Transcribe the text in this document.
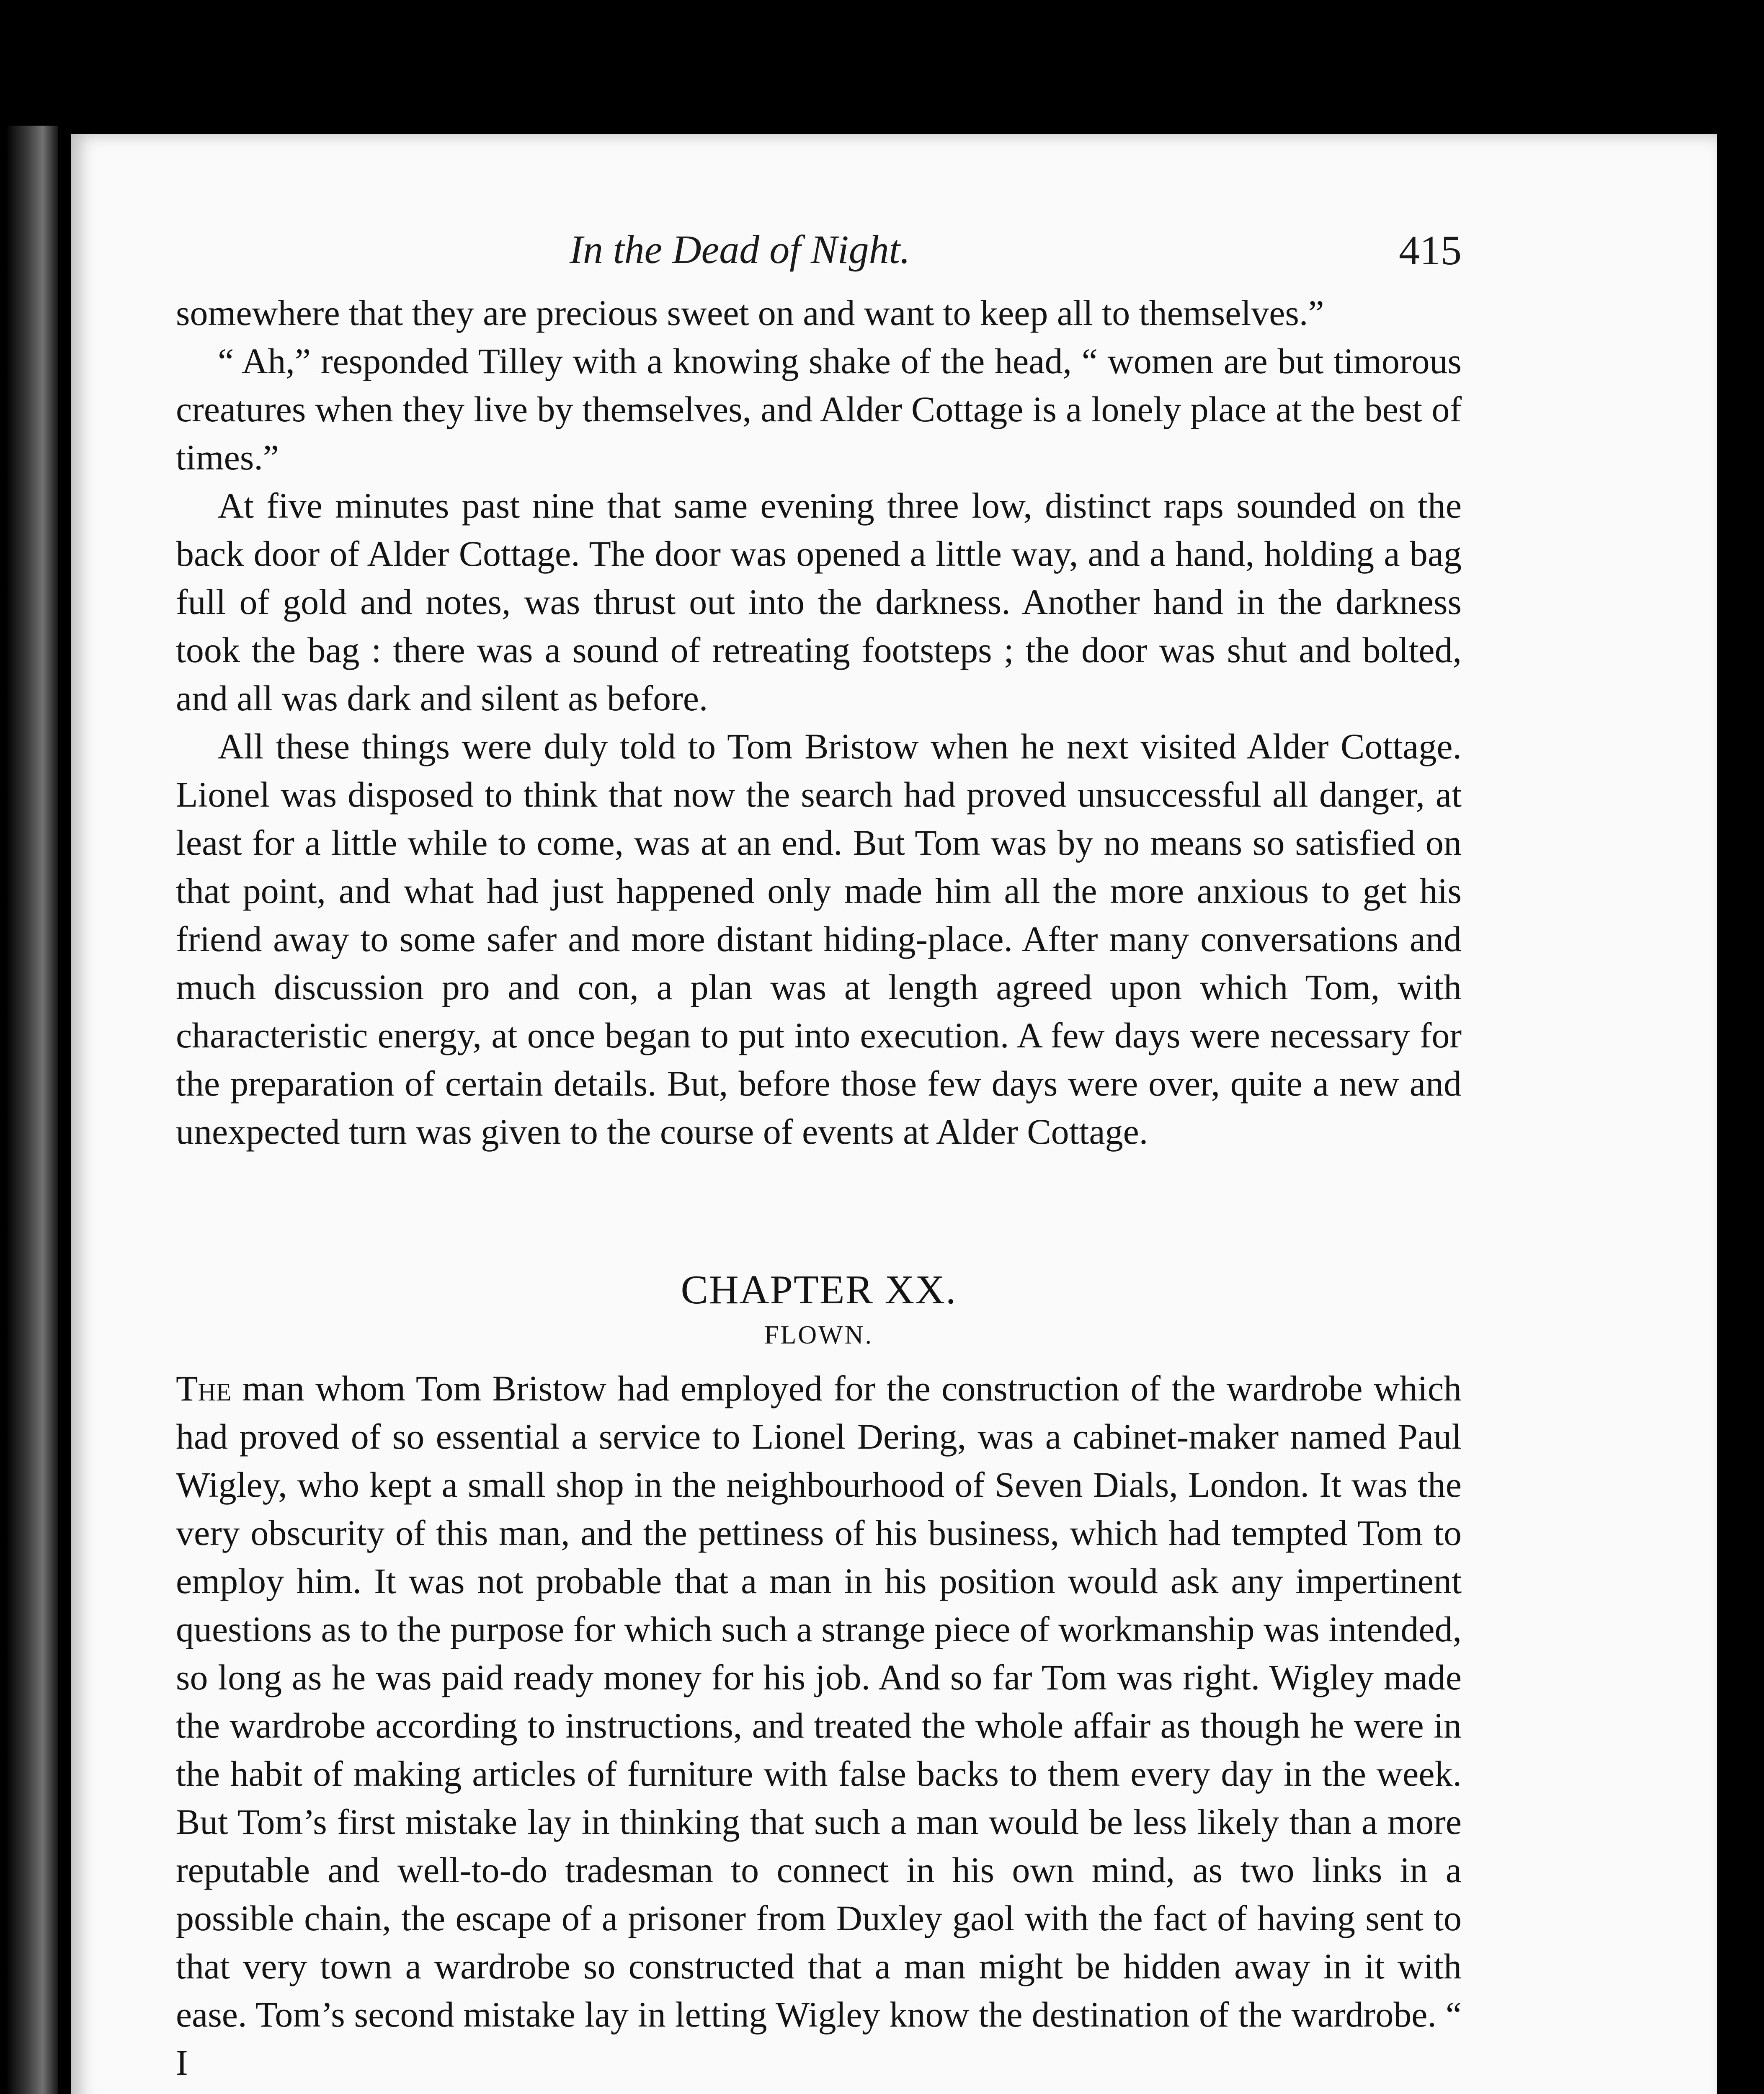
In the Dead of Night.	415

somewhere that they are precious sweet on and want to keep all to themselves.”

“ Ah,” responded Tilley with a knowing shake of the head, “ women are but timorous creatures when they live by themselves, and Alder Cottage is a lonely place at the best of times.”

At five minutes past nine that same evening three low, distinct raps sounded on the back door of Alder Cottage. The door was opened a little way, and a hand, holding a bag full of gold and notes, was thrust out into the darkness. Another hand in the darkness took the bag : there was a sound of retreating footsteps ; the door was shut and bolted, and all was dark and silent as before.

All these things were duly told to Tom Bristow when he next visited Alder Cottage. Lionel was disposed to think that now the search had proved unsuccessful all danger, at least for a little while to come, was at an end. But Tom was by no means so satisfied on that point, and what had just happened only made him all the more anxious to get his friend away to some safer and more distant hiding-place. After many conversations and much discussion pro and con, a plan was at length agreed upon which Tom, with characteristic energy, at once began to put into execution. A few days were necessary for the preparation of certain details. But, before those few days were over, quite a new and unexpected turn was given to the course of events at Alder Cottage.

CHAPTER XX.
FLOWN.

The man whom Tom Bristow had employed for the construction of the wardrobe which had proved of so essential a service to Lionel Dering, was a cabinet-maker named Paul Wigley, who kept a small shop in the neighbourhood of Seven Dials, London. It was the very obscurity of this man, and the pettiness of his business, which had tempted Tom to employ him. It was not probable that a man in his position would ask any impertinent questions as to the purpose for which such a strange piece of workmanship was intended, so long as he was paid ready money for his job. And so far Tom was right. Wigley made the wardrobe according to instructions, and treated the whole affair as though he were in the habit of making articles of furniture with false backs to them every day in the week. But Tom’s first mistake lay in thinking that such a man would be less likely than a more reputable and well-to-do tradesman to connect in his own mind, as two links in a possible chain, the escape of a prisoner from Duxley gaol with the fact of having sent to that very town a wardrobe so constructed that a man might be hidden away in it with ease. Tom’s second mistake lay in letting Wigley know the destination of the wardrobe. “ I
